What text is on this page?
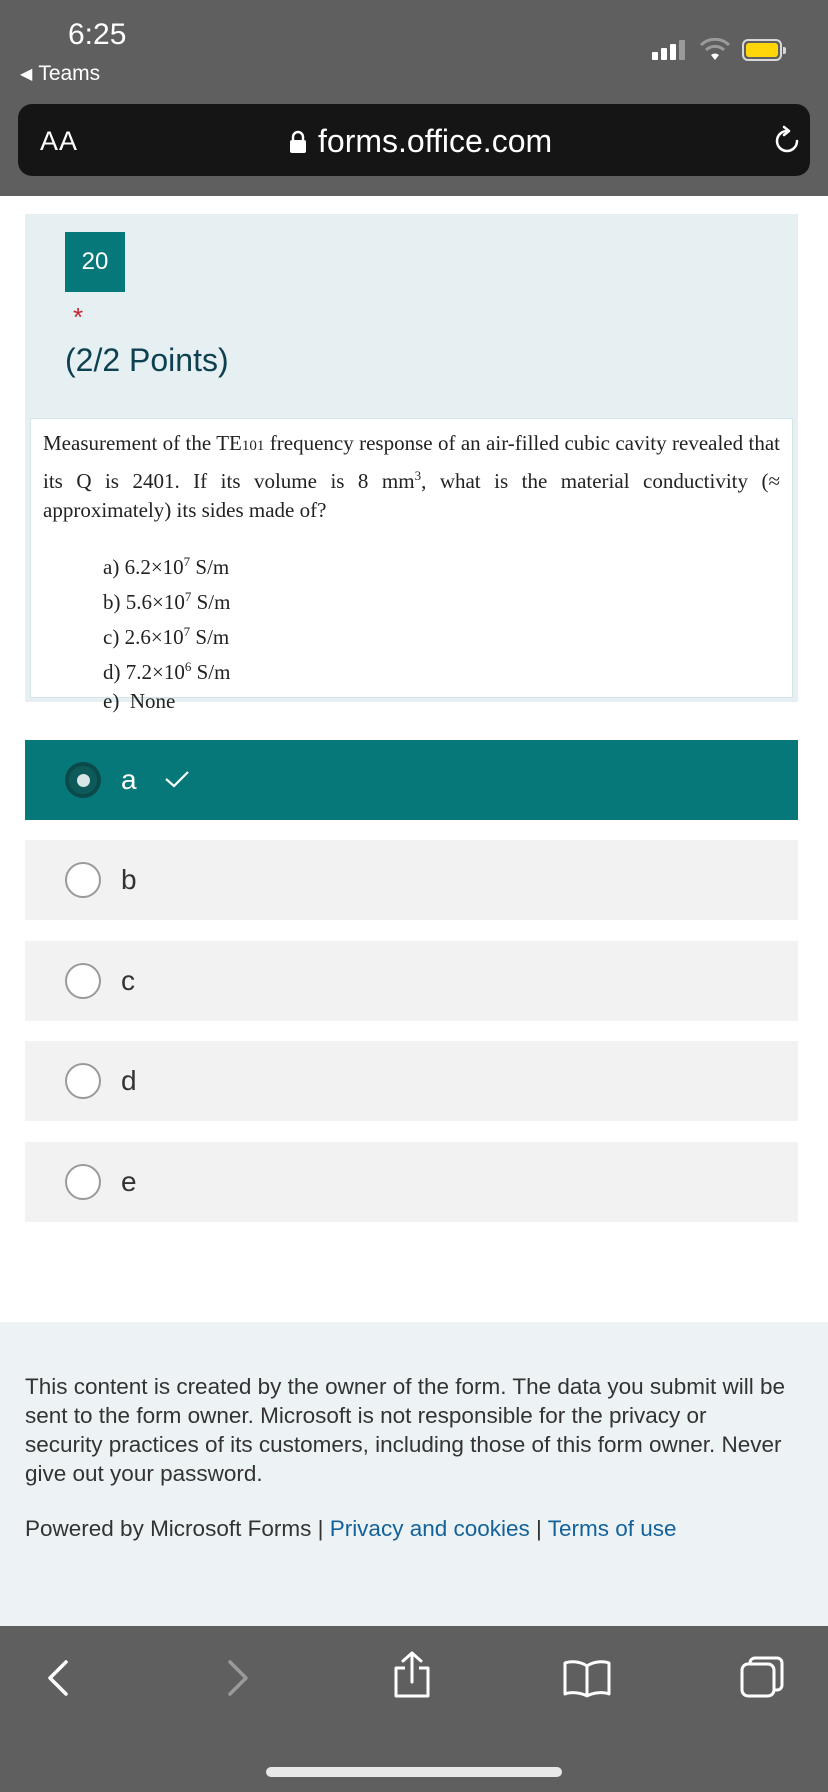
6:25
◀ Teams
AA	forms.office.com
20
*
(2/2 Points)
Measurement of the TE101 frequency response of an air-filled cubic cavity revealed that its Q is 2401. If its volume is 8 $mm^3$, what is the material conductivity (≈ approximately) its sides made of?
a) $6.2\times 10^7$ S/m
b) $5.6\times 10^7$ S/m
c) $2.6\times 10^7$ S/m
d) $7.2\times 10^6$ S/m
e)  None
a
b
c
d
e
This content is created by the owner of the form. The data you submit will be sent to the form owner. Microsoft is not responsible for the privacy or security practices of its customers, including those of this form owner. Never give out your password.
Powered by Microsoft Forms | Privacy and cookies | Terms of use
